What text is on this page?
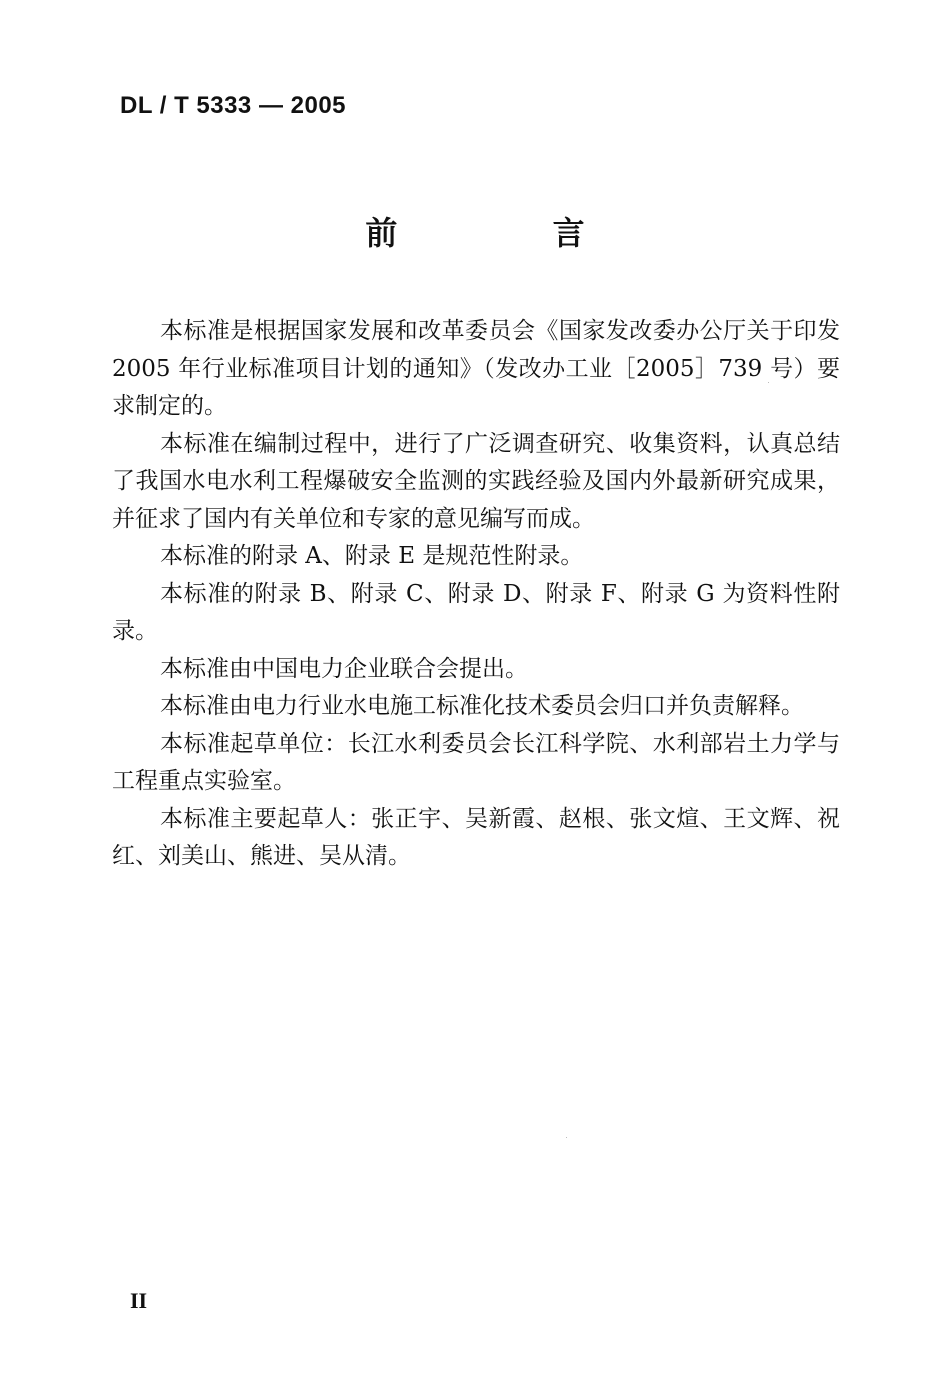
DL / T 5333 — 2005
前 言

本标准是根据国家发展和改革委员会《国家发改委办公厅关于印发 2005 年行业标准项目计划的通知》（发改办工业［2005］739 号）要求制定的。

本标准在编制过程中，进行了广泛调查研究、收集资料，认真总结了我国水电水利工程爆破安全监测的实践经验及国内外最新研究成果，并征求了国内有关单位和专家的意见编写而成。

本标准的附录 A、附录 E 是规范性附录。

本标准的附录 B、附录 C、附录 D、附录 F、附录 G 为资料性附录。

本标准由中国电力企业联合会提出。

本标准由电力行业水电施工标准化技术委员会归口并负责解释。

本标准起草单位：长江水利委员会长江科学院、水利部岩土力学与工程重点实验室。

本标准主要起草人：张正宇、吴新霞、赵根、张文煊、王文辉、祝红、刘美山、熊进、吴从清。

II
